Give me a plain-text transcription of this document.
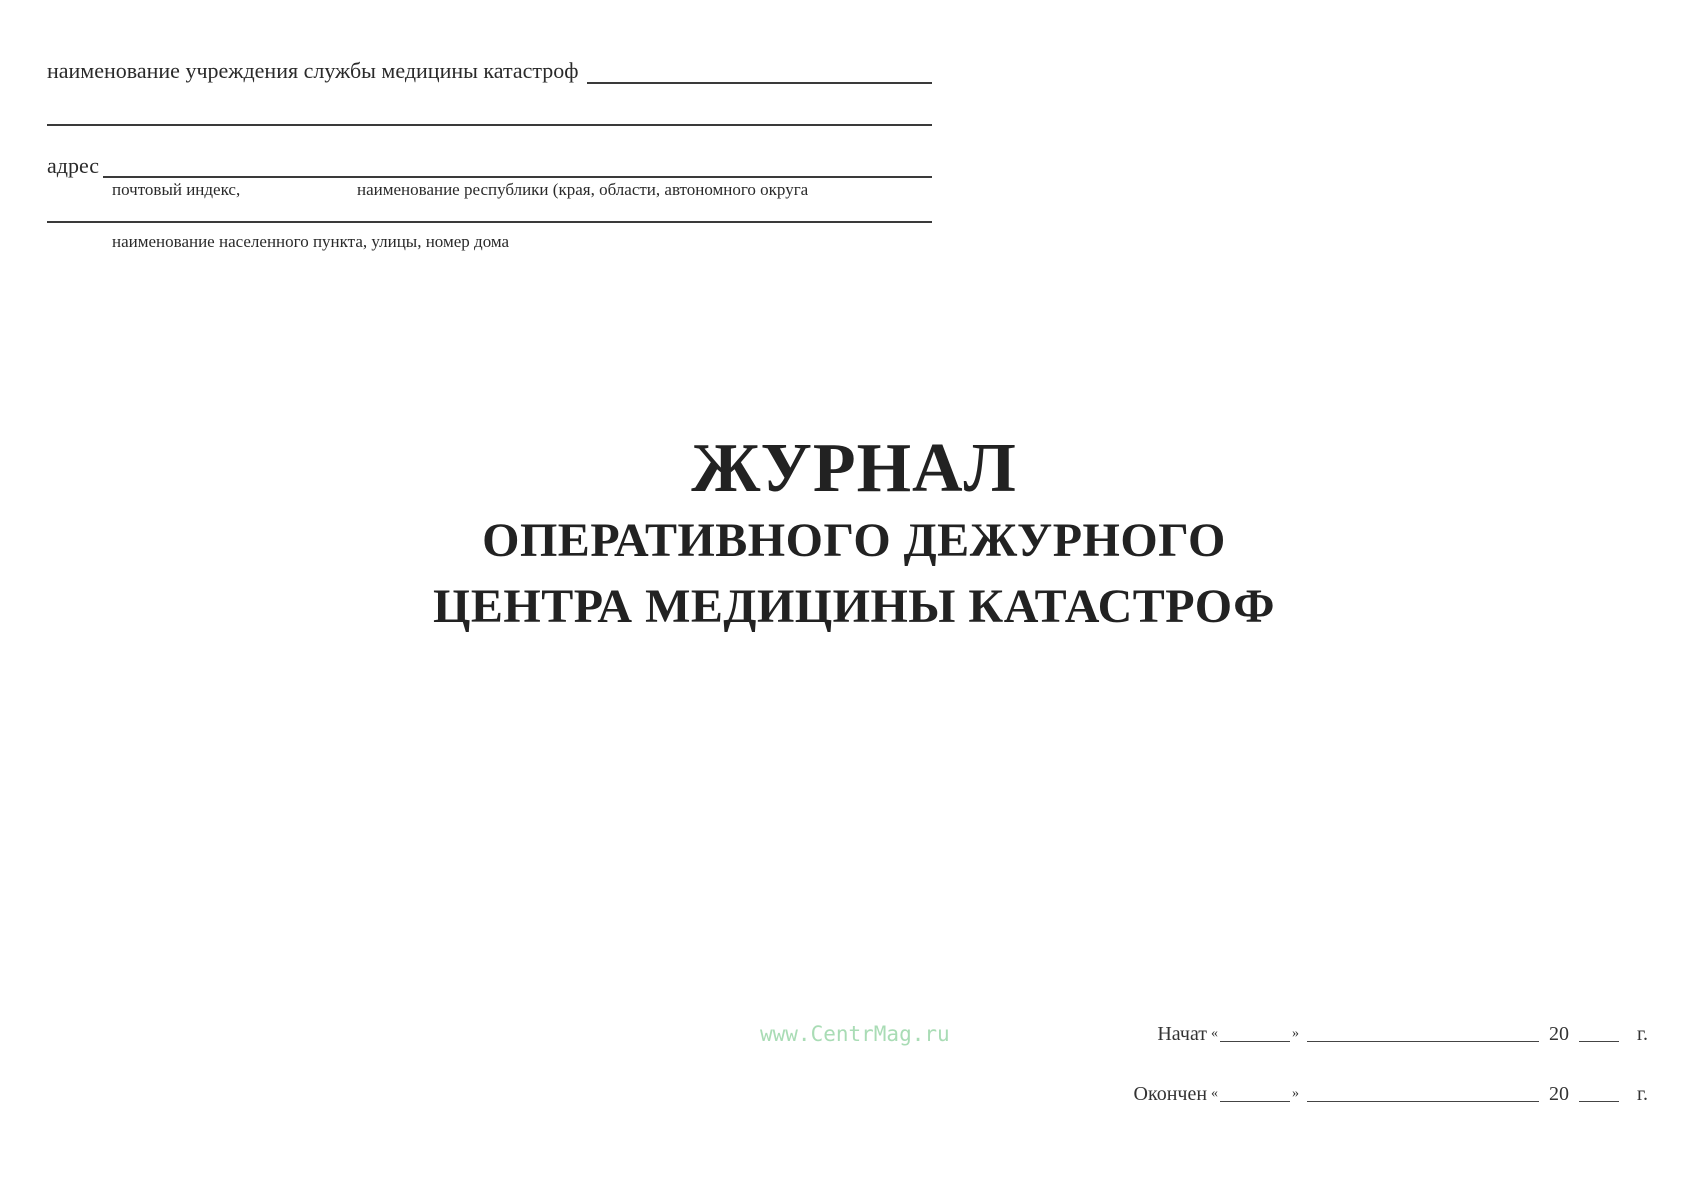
наименование учреждения службы медицины катастроф
адрес
почтовый индекс,	наименование республики (края, области, автономного округа
наименование населенного пункта, улицы, номер дома
ЖУРНАЛ
ОПЕРАТИВНОГО ДЕЖУРНОГО
ЦЕНТРА МЕДИЦИНЫ КАТАСТРОФ
www.CentrMag.ru	Начат «	»	20	г.
Окончен «	»	20	г.
